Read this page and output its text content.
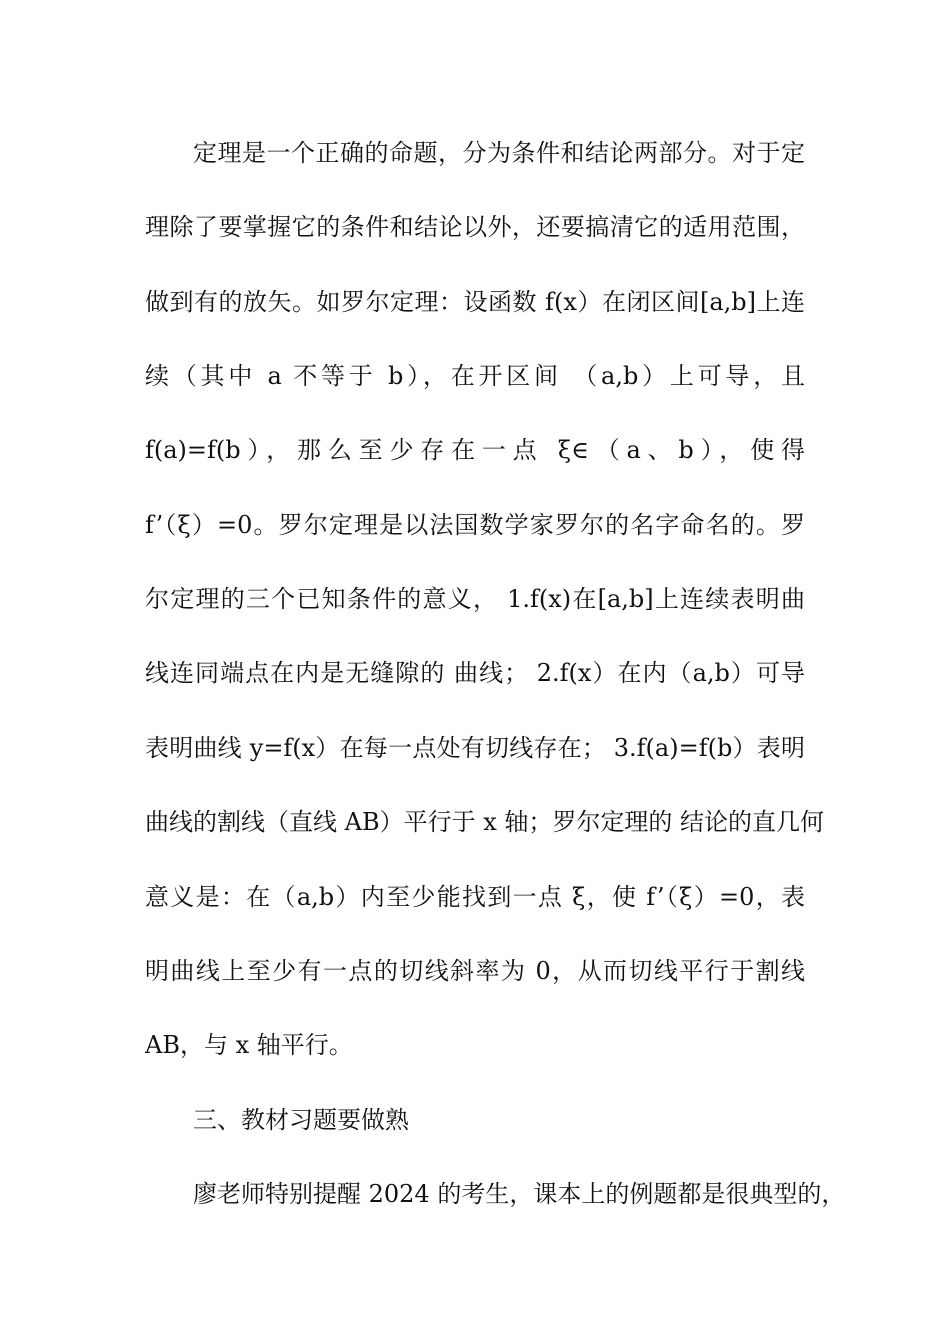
定理是一个正确的命题，分为条件和结论两部分。对于定
理除了要掌握它的条件和结论以外，还要搞清它的适用范围，
做到有的放矢。如罗尔定理：设函数 f(x）在闭区间[a,b]上连
续（其中 a 不等于 b），在开区间 （a,b）上可导，且
f(a)=f(b），那么至少存在一点 ξ∈（a、b），使得
f’（ξ）=0。罗尔定理是以法国数学家罗尔的名字命名的。罗
尔定理的三个已知条件的意义， 1.f(x)在[a,b]上连续表明曲
线连同端点在内是无缝隙的 曲线； 2.f(x）在内（a,b）可导
表明曲线 y=f(x）在每一点处有切线存在； 3.f(a)=f(b）表明
曲线的割线（直线 AB）平行于 x 轴；罗尔定理的 结论的直几何
意义是：在（a,b）内至少能找到一点 ξ，使 f’（ξ）=0，表
明曲线上至少有一点的切线斜率为 0，从而切线平行于割线
AB，与 x 轴平行。
三、教材习题要做熟
廖老师特别提醒 2024 的考生，课本上的例题都是很典型的，
